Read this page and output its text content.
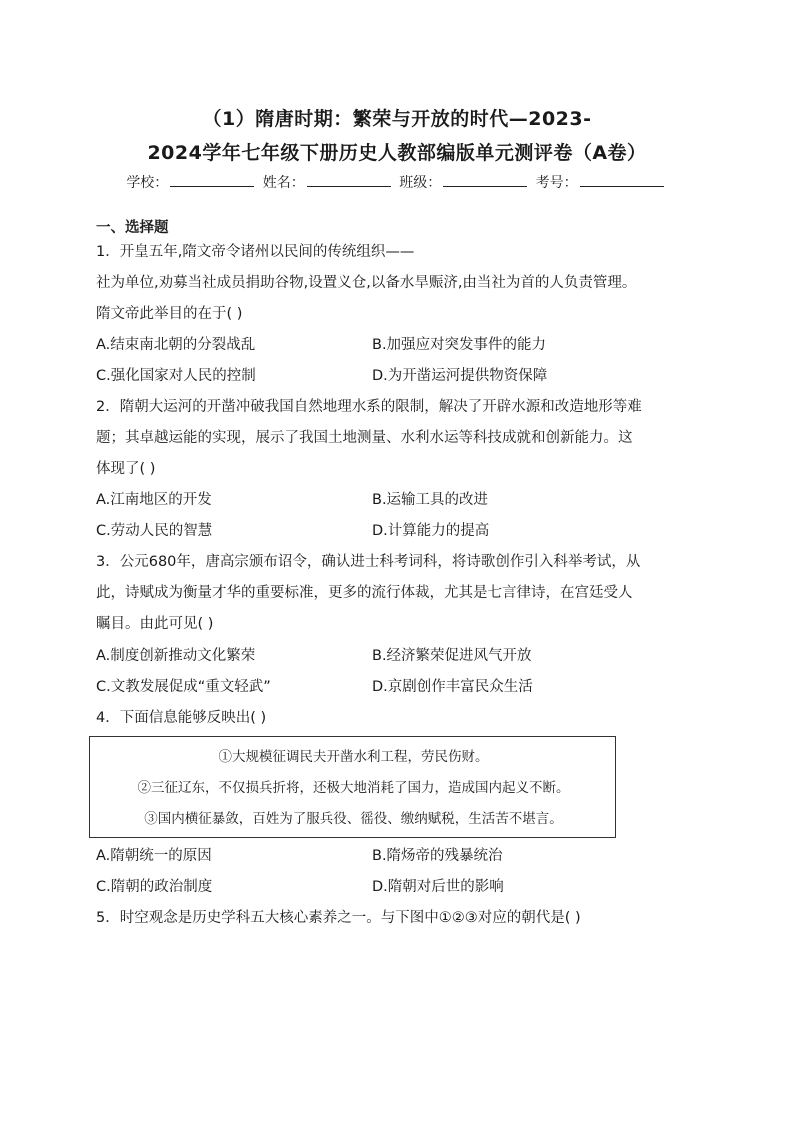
（1）隋唐时期：繁荣与开放的时代—2023-
2024学年七年级下册历史人教部编版单元测评卷（A卷）
学校：	姓名：	班级：	考号：
一、选择题
1．开皇五年,隋文帝令诸州以民间的传统组织——
社为单位,劝募当社成员捐助谷物,设置义仓,以备水旱赈济,由当社为首的人负责管理。
隋文帝此举目的在于( )
A.结束南北朝的分裂战乱	B.加强应对突发事件的能力
C.强化国家对人民的控制	D.为开凿运河提供物资保障
2．隋朝大运河的开凿冲破我国自然地理水系的限制，解决了开辟水源和改造地形等难
题；其卓越运能的实现，展示了我国土地测量、水利水运等科技成就和创新能力。这
体现了( )
A.江南地区的开发	B.运输工具的改进
C.劳动人民的智慧	D.计算能力的提高
3．公元680年，唐高宗颁布诏令，确认进士科考词科，将诗歌创作引入科举考试，从
此，诗赋成为衡量才华的重要标准，更多的流行体裁，尤其是七言律诗，在宫廷受人
瞩目。由此可见( )
A.制度创新推动文化繁荣	B.经济繁荣促进风气开放
C.文教发展促成“重文轻武”	D.京剧创作丰富民众生活
4．下面信息能够反映出( )
①大规模征调民夫开凿水利工程，劳民伤财。
②三征辽东，不仅损兵折将，还极大地消耗了国力，造成国内起义不断。
③国内横征暴敛，百姓为了服兵役、徭役、缴纳赋税，生活苦不堪言。
A.隋朝统一的原因	B.隋炀帝的残暴统治
C.隋朝的政治制度	D.隋朝对后世的影响
5．时空观念是历史学科五大核心素养之一。与下图中①②③对应的朝代是( )
